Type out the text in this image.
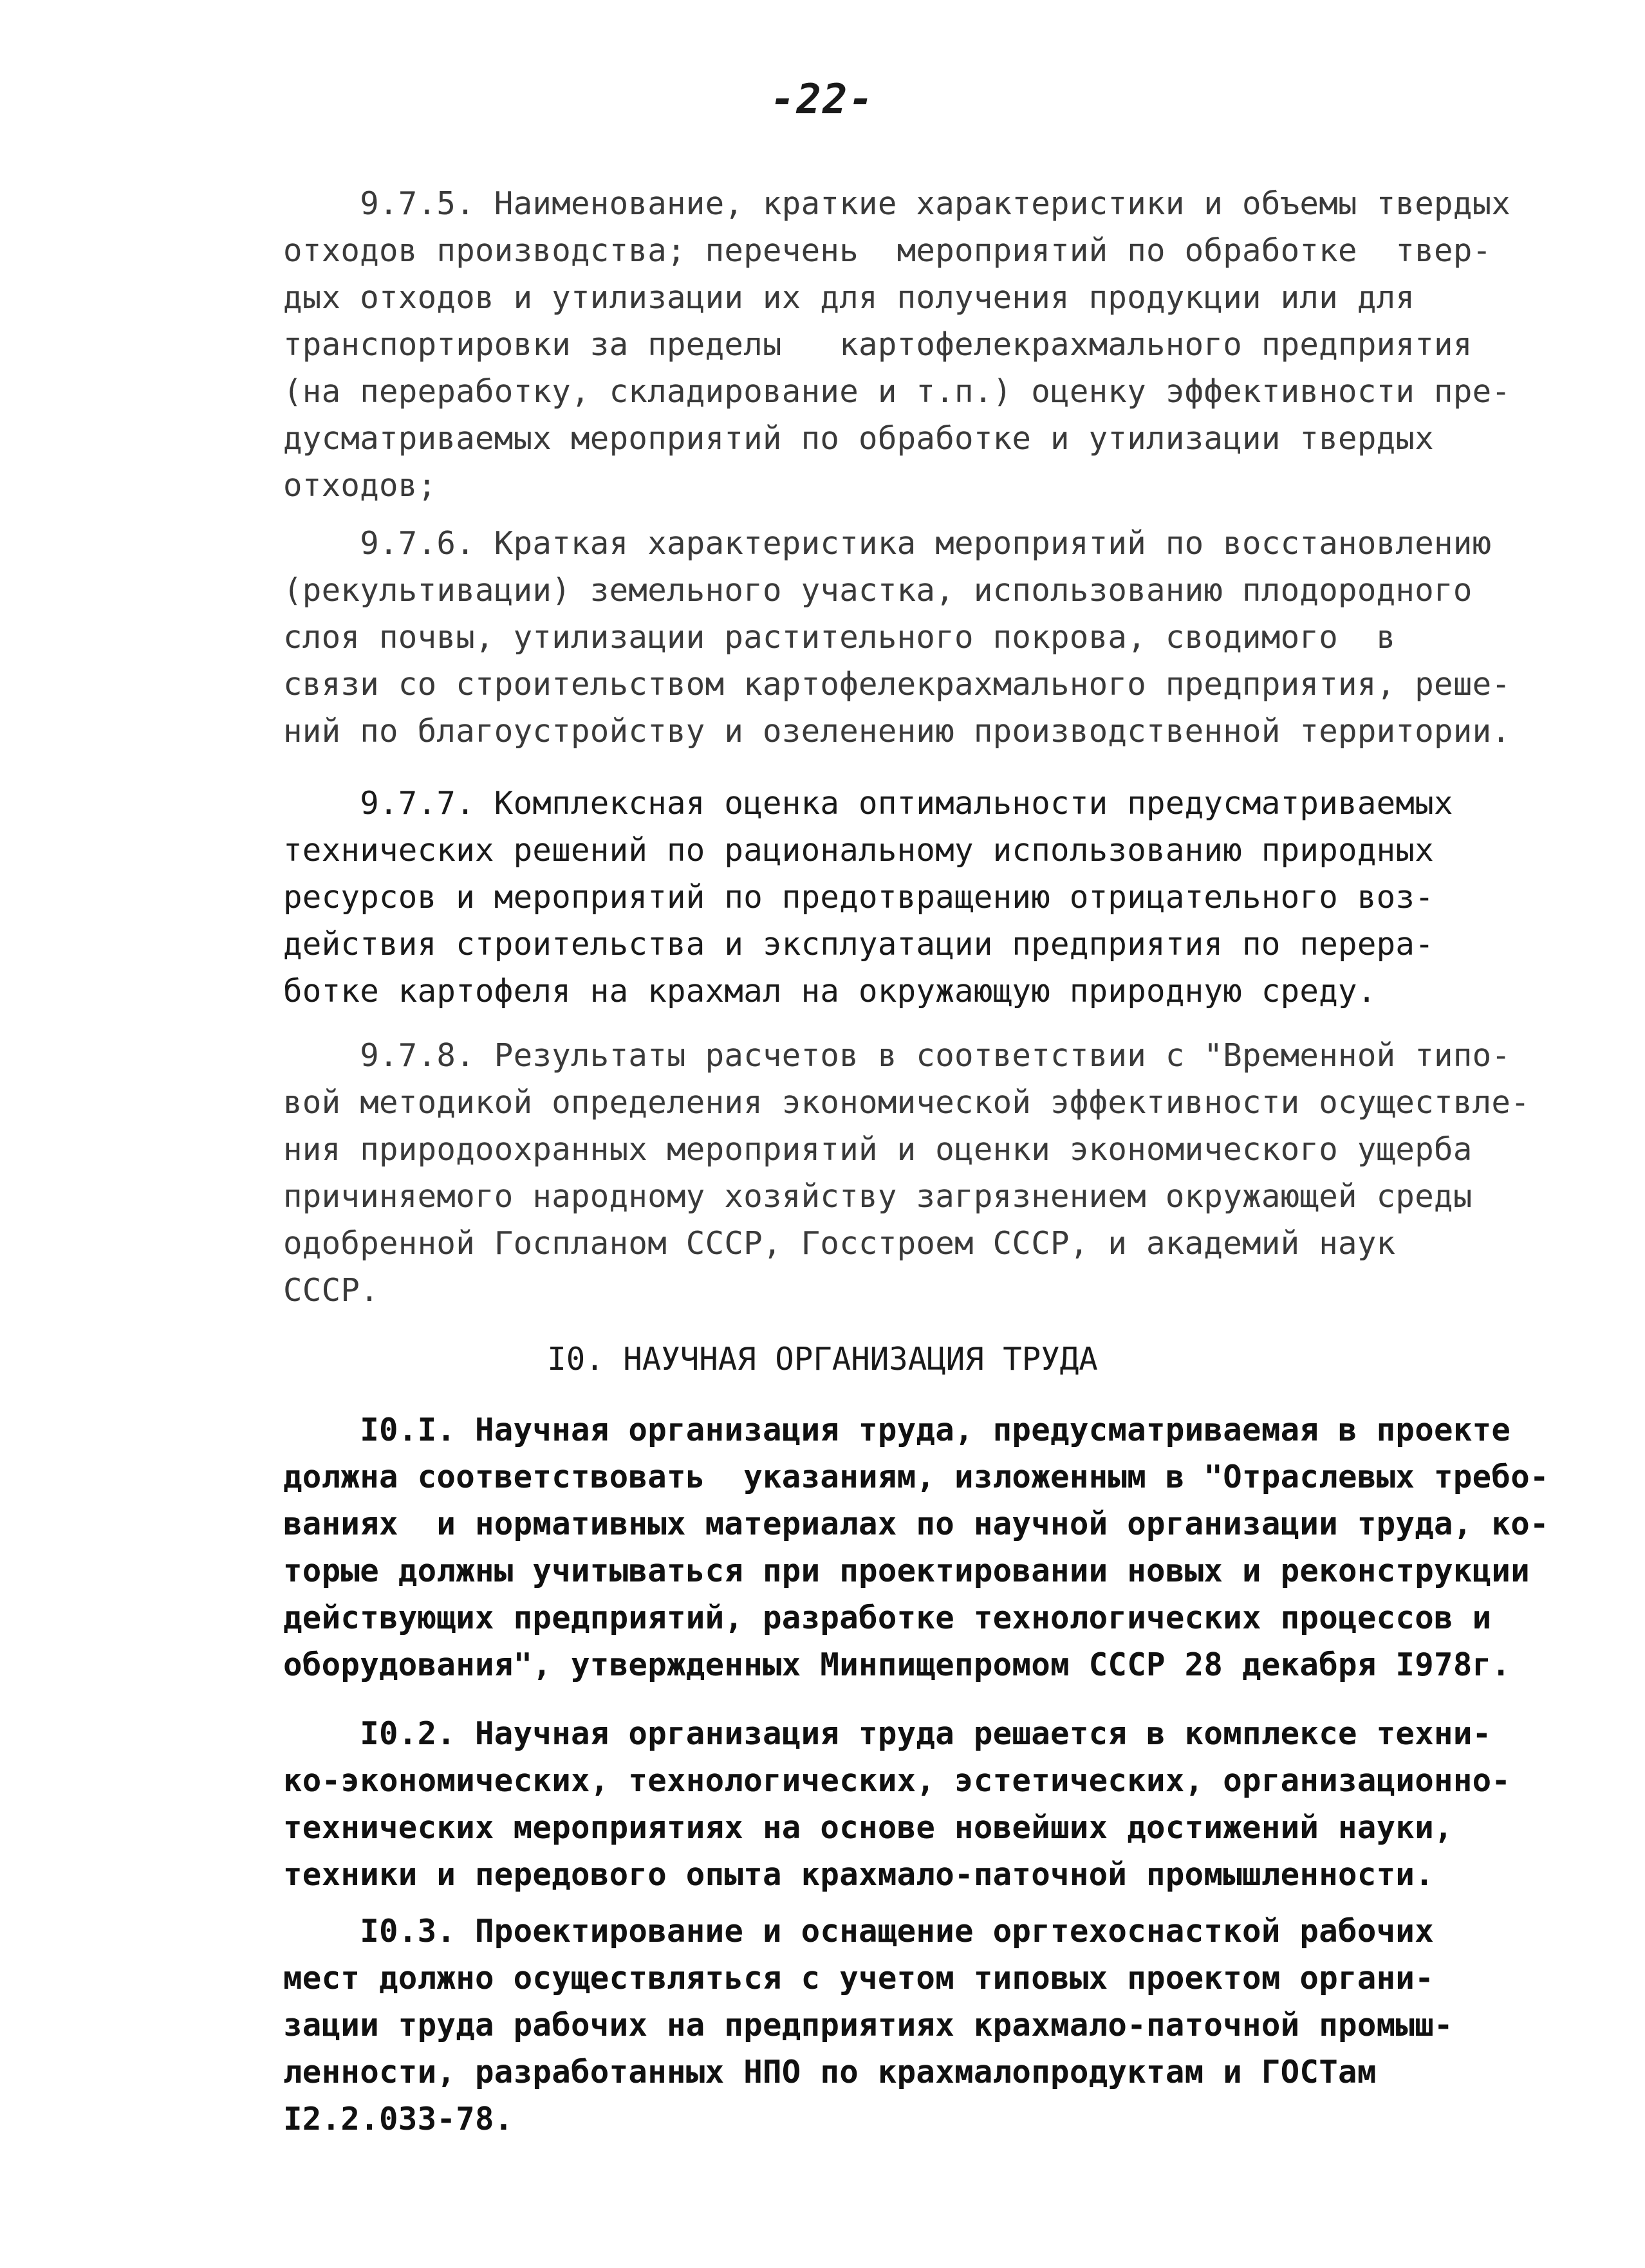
-22-
9.7.5. Наименование, краткие характеристики и объемы твердых
отходов производства; перечень  мероприятий по обработке  твер-
дых отходов и утилизации их для получения продукции или для
транспортировки за пределы   картофелекрахмального предприятия
(на переработку, складирование и т.п.) оценку эффективности пре-
дусматриваемых мероприятий по обработке и утилизации твердых
отходов;
9.7.6. Краткая характеристика мероприятий по восстановлению
(рекультивации) земельного участка, использованию плодородного
слоя почвы, утилизации растительного покрова, сводимого  в
связи со строительством картофелекрахмального предприятия, реше-
ний по благоустройству и озеленению производственной территории.
9.7.7. Комплексная оценка оптимальности предусматриваемых
технических решений по рациональному использованию природных
ресурсов и мероприятий по предотвращению отрицательного воз-
действия строительства и эксплуатации предприятия по перера-
ботке картофеля на крахмал на окружающую природную среду.
9.7.8. Результаты расчетов в соответствии с "Временной типо-
вой методикой определения экономической эффективности осуществле-
ния природоохранных мероприятий и оценки экономического ущерба
причиняемого народному хозяйству загрязнением окружающей среды
одобренной Госпланом СССР, Госстроем СССР, и академий наук
СССР.
I0. НАУЧНАЯ ОРГАНИЗАЦИЯ ТРУДА
I0.I. Научная организация труда, предусматриваемая в проекте
должна соответствовать  указаниям, изложенным в "Отраслевых требо-
ваниях  и нормативных материалах по научной организации труда, ко-
торые должны учитываться при проектировании новых и реконструкции
действующих предприятий, разработке технологических процессов и
оборудования", утвержденных Минпищепромом СССР 28 декабря I978г.
I0.2. Научная организация труда решается в комплексе техни-
ко-экономических, технологических, эстетических, организационно-
технических мероприятиях на основе новейших достижений науки,
техники и передового опыта крахмало-паточной промышленности.
I0.3. Проектирование и оснащение оргтехоснасткой рабочих
мест должно осуществляться с учетом типовых проектом органи-
зации труда рабочих на предприятиях крахмало-паточной промыш-
ленности, разработанных НПО по крахмалопродуктам и ГОСТам
I2.2.033-78.
